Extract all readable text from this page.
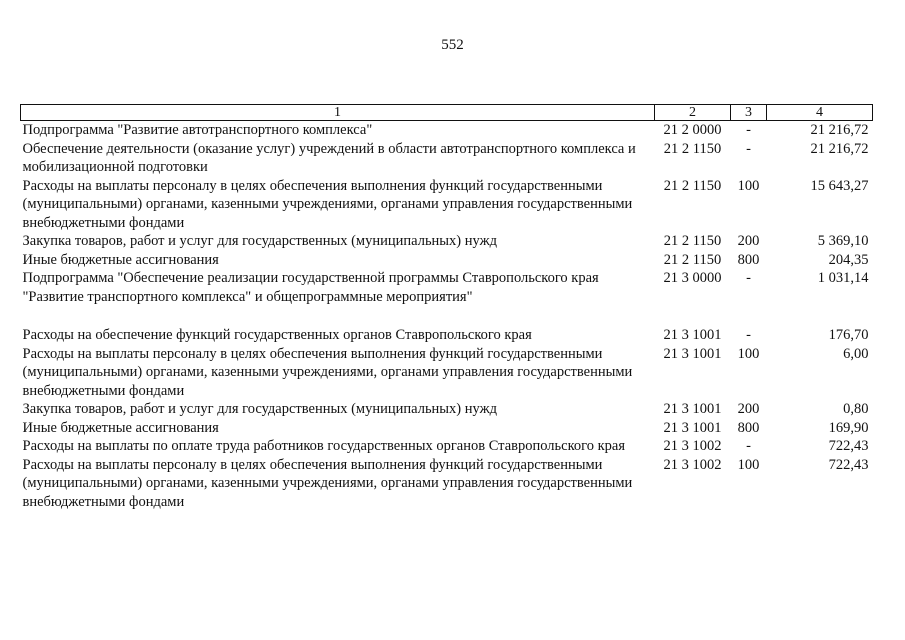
552
1	2	3	4
Подпрограмма "Развитие автотранспортного комплекса"	21 2 0000	-	21 216,72
Обеспечение деятельности (оказание услуг) учреждений в области автотранспортного комплекса и мобилизационной подготовки	21 2 1150	-	21 216,72
Расходы на выплаты персоналу в целях обеспечения выполнения функций государственными (муниципальными) органами, казенными учреждениями, органами управления государственными внебюджетными фондами	21 2 1150	100	15 643,27
Закупка товаров, работ и услуг для государственных (муниципальных) нужд	21 2 1150	200	5 369,10
Иные бюджетные ассигнования	21 2 1150	800	204,35
Подпрограмма "Обеспечение реализации государственной программы Ставропольского края "Развитие транспортного комплекса" и общепрограммные мероприятия"	21 3 0000	-	1 031,14
Расходы на обеспечение функций государственных органов Ставропольского края	21 3 1001	-	176,70
Расходы на выплаты персоналу в целях обеспечения выполнения функций государственными (муниципальными) органами, казенными учреждениями, органами управления государственными внебюджетными фондами	21 3 1001	100	6,00
Закупка товаров, работ и услуг для государственных (муниципальных) нужд	21 3 1001	200	0,80
Иные бюджетные ассигнования	21 3 1001	800	169,90
Расходы на выплаты по оплате труда работников государственных органов Ставропольского края	21 3 1002	-	722,43
Расходы на выплаты персоналу в целях обеспечения выполнения функций государственными (муниципальными) органами, казенными учреждениями, органами управления государственными внебюджетными фондами	21 3 1002	100	722,43
